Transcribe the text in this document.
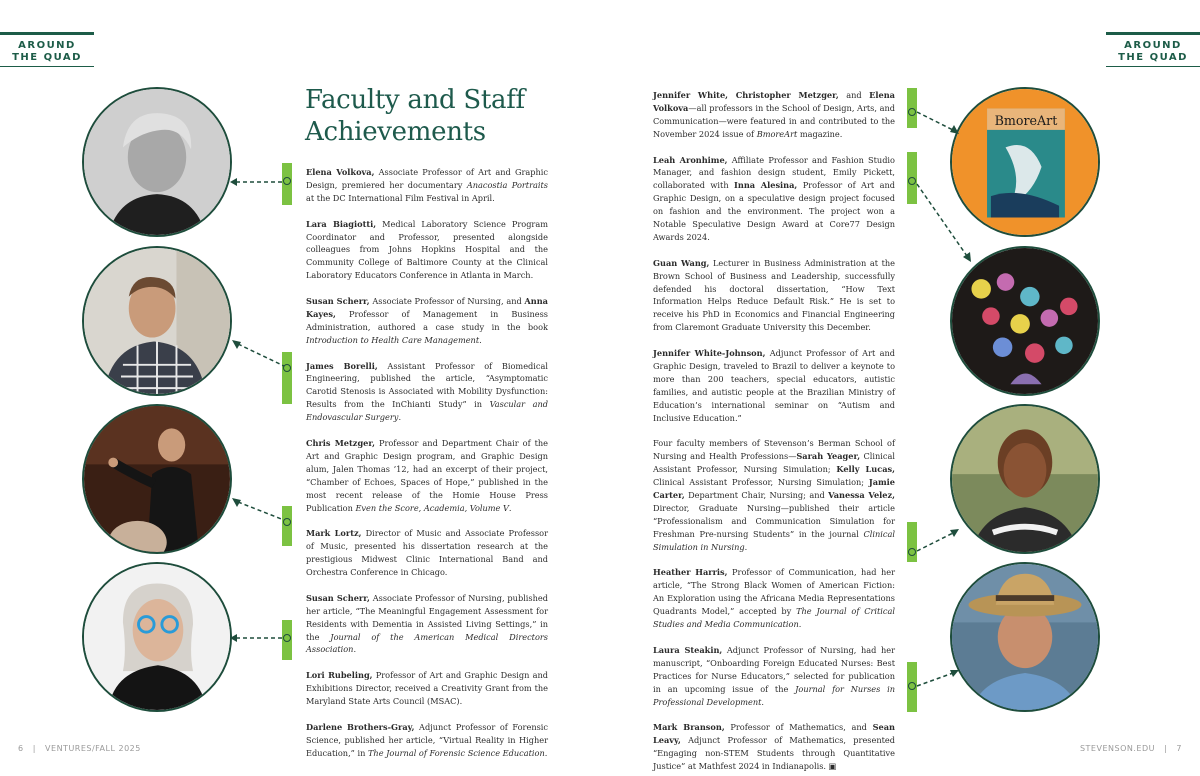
AROUND
THE QUAD
AROUND
THE QUAD
BmoreArt
Faculty and Staff
Achievements

Elena Volkova, Associate Professor of Art and Graphic Design, premiered her documentary Anacostia Portraits at the DC International Film Festival in April.

Lara Biagiotti, Medical Laboratory Science Program Coordinator and Professor, presented alongside colleagues from Johns Hopkins Hospital and the Community College of Baltimore County at the Clinical Laboratory Educators Conference in Atlanta in March.

Susan Scherr, Associate Professor of Nursing, and Anna Kayes, Professor of Management in Business Administration, authored a case study in the book Introduction to Health Care Management.

James Borelli, Assistant Professor of Biomedical Engineering, published the article, “Asymptomatic Carotid Stenosis is Associated with Mobility Dysfunction: Results from the InChianti Study” in Vascular and Endovascular Surgery.

Chris Metzger, Professor and Department Chair of the Art and Graphic Design program, and Graphic Design alum, Jalen Thomas ’12, had an excerpt of their project, “Chamber of Echoes, Spaces of Hope,” published in the most recent release of the Homie House Press Publication Even the Score, Academia, Volume V.

Mark Lortz, Director of Music and Associate Professor of Music, presented his dissertation research at the prestigious Midwest Clinic International Band and Orchestra Conference in Chicago.

Susan Scherr, Associate Professor of Nursing, published her article, “The Meaningful Engagement Assessment for Residents with Dementia in Assisted Living Settings,” in the Journal of the American Medical Directors Association.

Lori Rubeling, Professor of Art and Graphic Design and Exhibitions Director, received a Creativity Grant from the Maryland State Arts Council (MSAC).

Darlene Brothers-Gray, Adjunct Professor of Forensic Science, published her article, “Virtual Reality in Higher Education,” in The Journal of Forensic Science Education.

Jennifer White, Christopher Metzger, and Elena Volkova—all professors in the School of Design, Arts, and Communication—were featured in and contributed to the November 2024 issue of BmoreArt magazine.

Leah Aronhime, Affiliate Professor and Fashion Studio Manager, and fashion design student, Emily Pickett, collaborated with Inna Alesina, Professor of Art and Graphic Design, on a speculative design project focused on fashion and the environment. The project won a Notable Speculative Design Award at Core77 Design Awards 2024.

Guan Wang, Lecturer in Business Administration at the Brown School of Business and Leadership, successfully defended his doctoral dissertation, “How Text Information Helps Reduce Default Risk.” He is set to receive his PhD in Economics and Financial Engineering from Claremont Graduate University this December.

Jennifer White-Johnson, Adjunct Professor of Art and Graphic Design, traveled to Brazil to deliver a keynote to more than 200 teachers, special educators, autistic families, and autistic people at the Brazilian Ministry of Education’s international seminar on “Autism and Inclusive Education.”

Four faculty members of Stevenson’s Berman School of Nursing and Health Professions—Sarah Yeager, Clinical Assistant Professor, Nursing Simulation; Kelly Lucas, Clinical Assistant Professor, Nursing Simulation; Jamie Carter, Department Chair, Nursing; and Vanessa Velez, Director, Graduate Nursing—published their article “Professionalism and Communication Simulation for Freshman Pre-nursing Students” in the journal Clinical Simulation in Nursing.

Heather Harris, Professor of Communication, had her article, “The Strong Black Women of American Fiction: An Exploration using the Africana Media Representations Quadrants Model,” accepted by The Journal of Critical Studies and Media Communication.

Laura Steakin, Adjunct Professor of Nursing, had her manuscript, “Onboarding Foreign Educated Nurses: Best Practices for Nurse Educators,” selected for publication in an upcoming issue of the Journal for Nurses in Professional Development.

Mark Branson, Professor of Mathematics, and Sean Leavy, Adjunct Professor of Mathematics, presented “Engaging non-STEM Students through Quantitative Justice” at Mathfest 2024 in Indianapolis. ▣

6   |   VENTURES/FALL 2025	STEVENSON.EDU   |   7
